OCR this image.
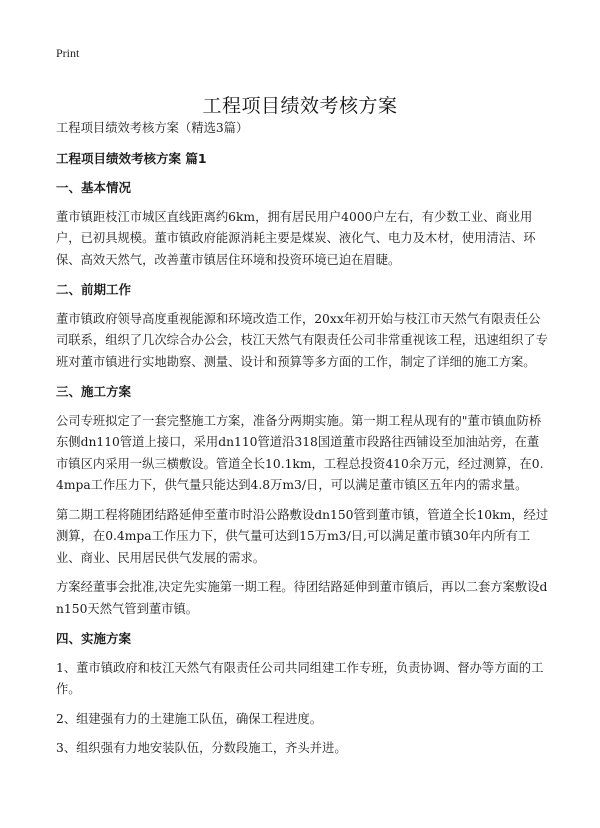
Print
工程项目绩效考核方案

工程项目绩效考核方案（精选3篇）

工程项目绩效考核方案 篇1

一、基本情况

董市镇距枝江市城区直线距离约6km，拥有居民用户4000户左右，有少数工业、商业用户，已初具规模。董市镇政府能源消耗主要是煤炭、液化气、电力及木材，使用清洁、环保、高效天然气，改善董市镇居住环境和投资环境已迫在眉睫。

二、前期工作

董市镇政府领导高度重视能源和环境改造工作，20xx年初开始与枝江市天然气有限责任公司联系，组织了几次综合办公会，枝江天然气有限责任公司非常重视该工程，迅速组织了专班对董市镇进行实地勘察、测量、设计和预算等多方面的工作，制定了详细的施工方案。

三、施工方案

公司专班拟定了一套完整施工方案，准备分两期实施。第一期工程从现有的"董市镇血防桥东侧dn110管道上接口，采用dn110管道沿318国道董市段路往西铺设至加油站旁，在董市镇区内采用一纵三横敷设。管道全长10.1km，工程总投资410余万元，经过测算，在0.4mpa工作压力下，供气量只能达到4.8万m3/日，可以满足董市镇区五年内的需求量。

第二期工程将随团结路延伸至董市时沿公路敷设dn150管到董市镇，管道全长10km，经过测算，在0.4mpa工作压力下，供气量可达到15万m3/日,可以满足董市镇30年内所有工业、商业、民用居民供气发展的需求。

方案经董事会批准,决定先实施第一期工程。待团结路延伸到董市镇后，再以二套方案敷设dn150天然气管到董市镇。

四、实施方案

1、董市镇政府和枝江天然气有限责任公司共同组建工作专班，负责协调、督办等方面的工作。

2、组建强有力的土建施工队伍，确保工程进度。

3、组织强有力地安装队伍，分数段施工，齐头并进。
